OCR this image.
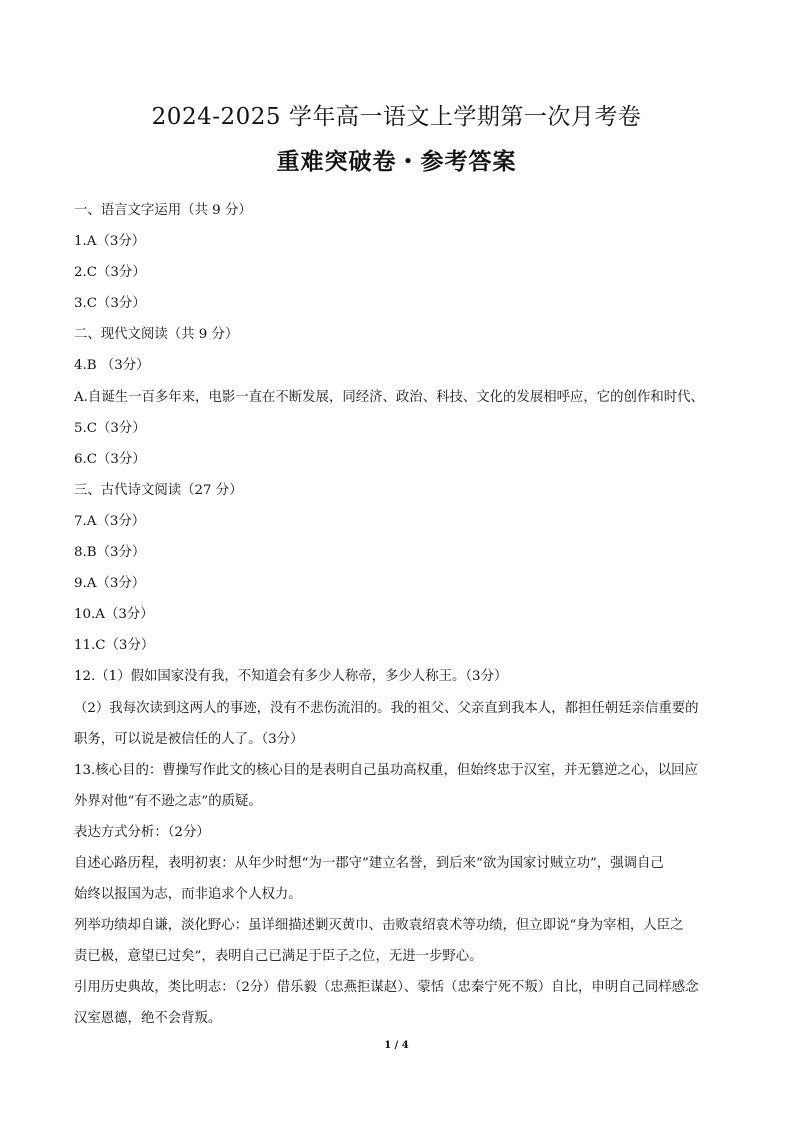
2024-2025 学年高一语文上学期第一次月考卷
重难突破卷・参考答案
一、语言文字运用（共 9 分）
1.A（3分）
2.C（3分）
3.C（3分）
二、现代文阅读（共 9 分）
4.B （3分）
A.自诞生一百多年来，电影一直在不断发展，同经济、政治、科技、文化的发展相呼应，它的创作和时代、
5.C（3分）
6.C（3分）
三、古代诗文阅读（27 分）
7.A（3分）
8.B（3分）
9.A（3分）
10.A（3分）
11.C（3分）
12.（1）假如国家没有我，不知道会有多少人称帝，多少人称王。（3分）
（2）我每次读到这两人的事迹，没有不悲伤流泪的。我的祖父、父亲直到我本人，都担任朝廷亲信重要的
职务，可以说是被信任的人了。（3分）
13.核心目的：曹操写作此文的核心目的是表明自己虽功高权重，但始终忠于汉室，并无篡逆之心，以回应
外界对他“有不逊之志”的质疑。
表达方式分析：（2分）
自述心路历程，表明初衷：从年少时想“为一郡守”建立名誉，到后来“欲为国家讨贼立功”，强调自己
始终以报国为志，而非追求个人权力。
列举功绩却自谦，淡化野心：虽详细描述剿灭黄巾、击败袁绍袁术等功绩，但立即说“身为宰相，人臣之
责已极，意望已过矣”，表明自己已满足于臣子之位，无进一步野心。
引用历史典故，类比明志：（2分）借乐毅（忠燕拒谋赵）、蒙恬（忠秦宁死不叛）自比，申明自己同样感念
汉室恩德，绝不会背叛。
1 / 4
